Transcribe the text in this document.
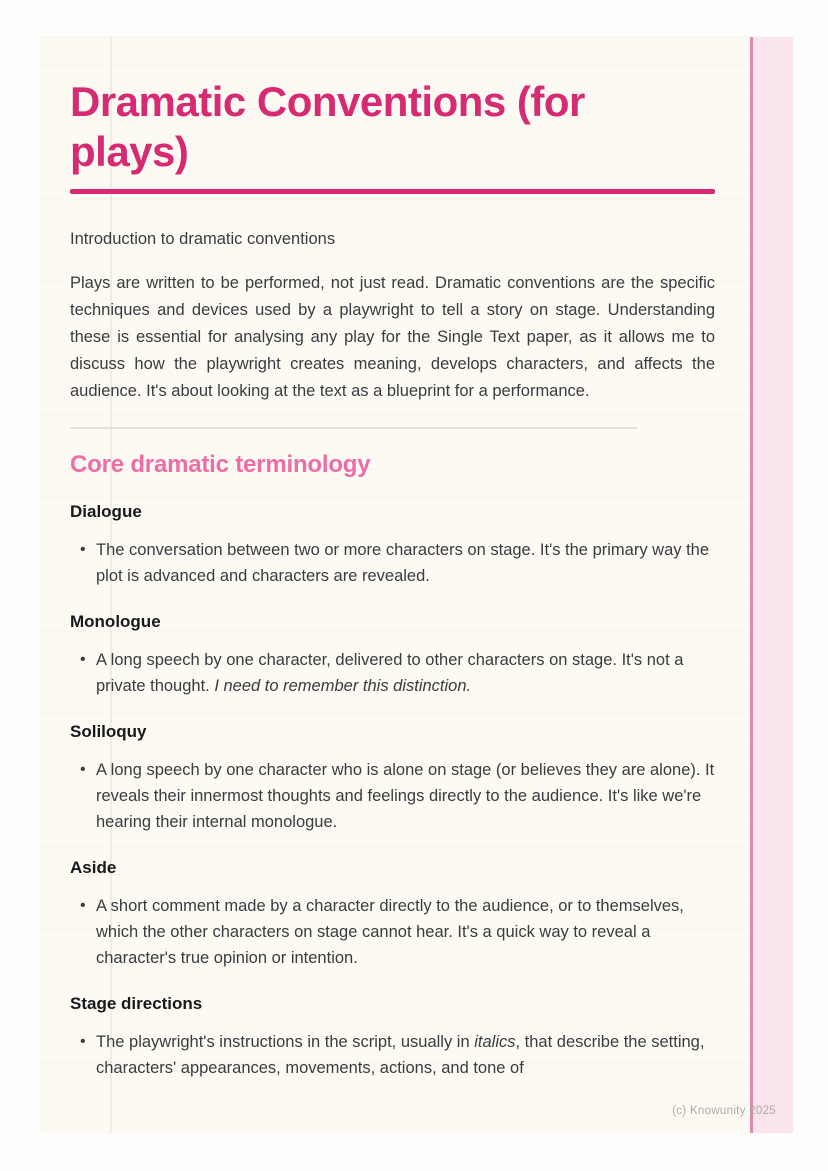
Dramatic Conventions (for plays)

Introduction to dramatic conventions

Plays are written to be performed, not just read. Dramatic conventions are the specific techniques and devices used by a playwright to tell a story on stage. Understanding these is essential for analysing any play for the Single Text paper, as it allows me to discuss how the playwright creates meaning, develops characters, and affects the audience. It's about looking at the text as a blueprint for a performance.

Core dramatic terminology
Dialogue
• The conversation between two or more characters on stage. It's the primary way the plot is advanced and characters are revealed.
Monologue
• A long speech by one character, delivered to other characters on stage. It's not a private thought. I need to remember this distinction.
Soliloquy
• A long speech by one character who is alone on stage (or believes they are alone). It reveals their innermost thoughts and feelings directly to the audience. It's like we're hearing their internal monologue.
Aside
• A short comment made by a character directly to the audience, or to themselves, which the other characters on stage cannot hear. It's a quick way to reveal a character's true opinion or intention.
Stage directions
• The playwright's instructions in the script, usually in italics, that describe the setting, characters' appearances, movements, actions, and tone of
(c) Knowunity 2025
